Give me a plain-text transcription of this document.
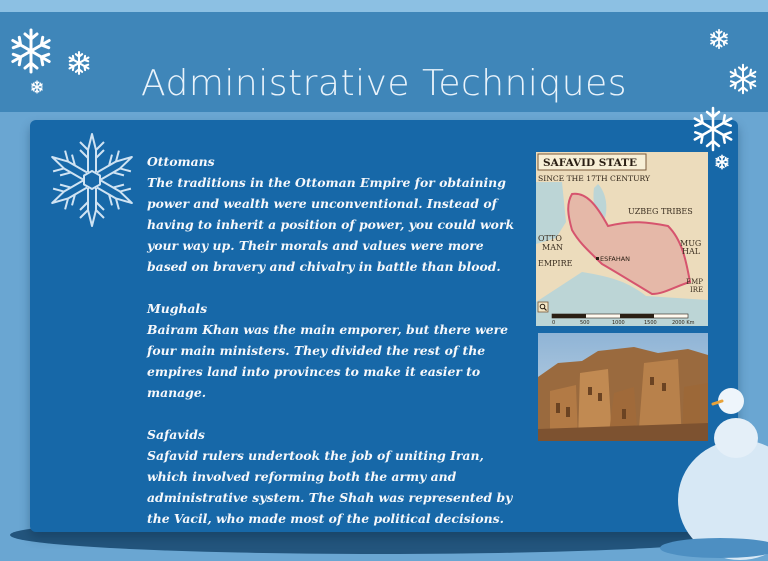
Administrative Techniques

Ottomans

The traditions in the Ottoman Empire for obtaining power and wealth were unconventional. Instead of having to inherit a position of power, you could work your way up. Their morals and values were more based on bravery and chivalry in battle than blood.

Mughals

Bairam Khan was the main emporer, but there were four main ministers. They divided the rest of the empires land into provinces to make it easier to manage.

Safavids

Safavid rulers undertook the job of uniting Iran, which involved reforming both the army and administrative system. The Shah was represented by the Vacil, who made most of the political decisions.

SAFAVID STATE
SINCE THE 17TH CENTURY
UZBEG TRIBES
OTTO
MAN
EMPIRE	ESFAHAN
MUG
HAL
EMP
IRE
0	500	1000	1500	2000 Km
